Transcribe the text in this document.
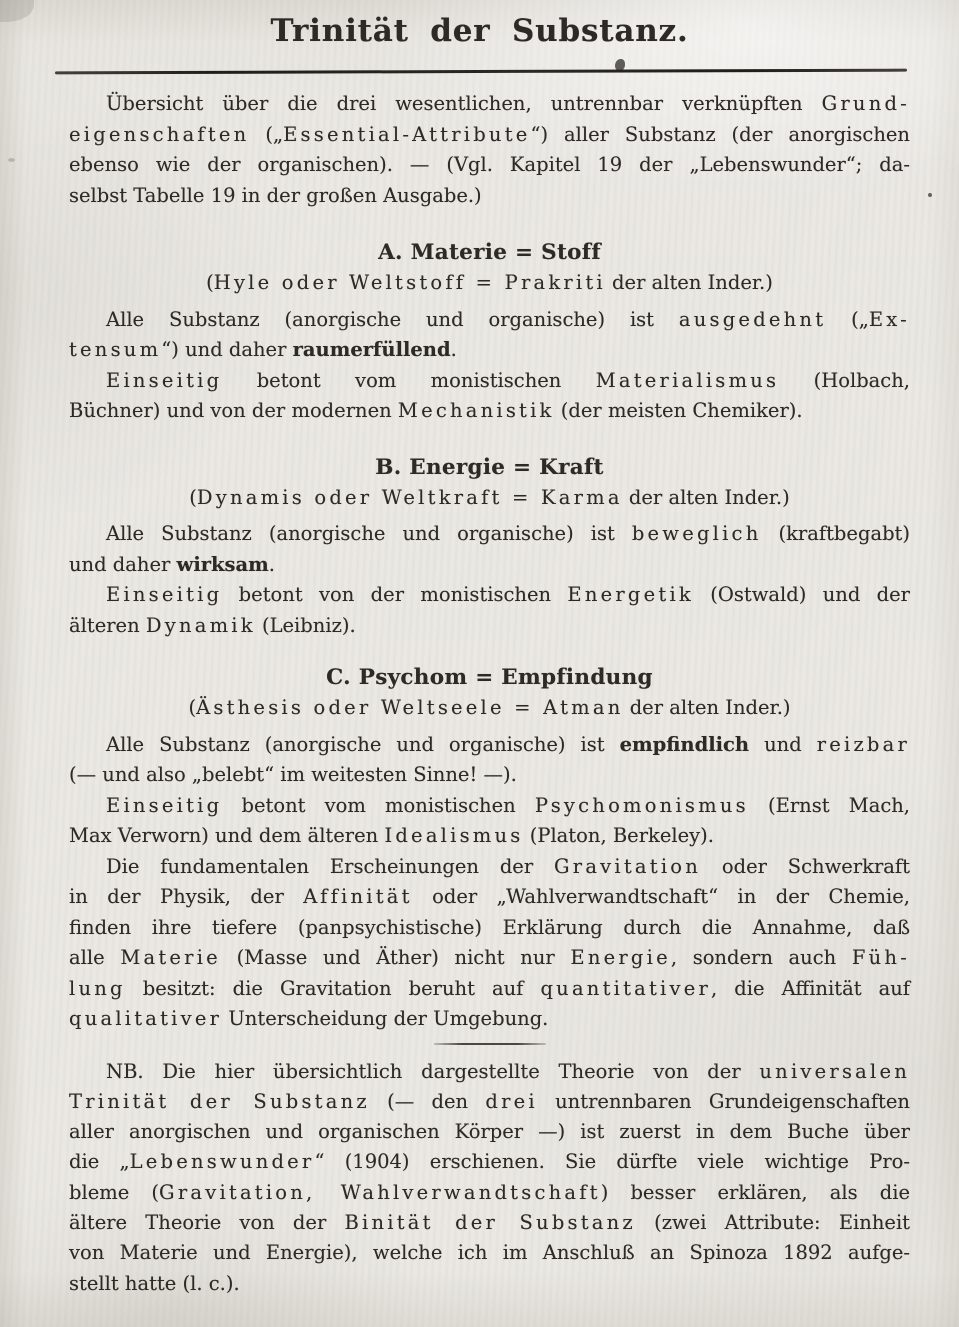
Trinität der Substanz.
Übersicht über die drei wesentlichen, untrennbar verknüpften Grund-
eigenschaften („Essential-Attribute“) aller Substanz (der anorgischen
ebenso wie der organischen). — (Vgl. Kapitel 19 der „Lebenswunder“; da-
selbst Tabelle 19 in der großen Ausgabe.)
A. Materie = Stoff
(Hyle oder Weltstoff = Prakriti der alten Inder.)
Alle Substanz (anorgische und organische) ist ausgedehnt („Ex-
tensum“) und daher raumerfüllend.
Einseitig betont vom monistischen Materialismus (Holbach,
Büchner) und von der modernen Mechanistik (der meisten Chemiker).
B. Energie = Kraft
(Dynamis oder Weltkraft = Karma der alten Inder.)
Alle Substanz (anorgische und organische) ist beweglich (kraftbegabt)
und daher wirksam.
Einseitig betont von der monistischen Energetik (Ostwald) und der
älteren Dynamik (Leibniz).
C. Psychom = Empfindung
(Ästhesis oder Weltseele = Atman der alten Inder.)
Alle Substanz (anorgische und organische) ist empfindlich und reizbar
(— und also „belebt“ im weitesten Sinne! —).
Einseitig betont vom monistischen Psychomonismus (Ernst Mach,
Max Verworn) und dem älteren Idealismus (Platon, Berkeley).
Die fundamentalen Erscheinungen der Gravitation oder Schwerkraft
in der Physik, der Affinität oder „Wahlverwandtschaft“ in der Chemie,
finden ihre tiefere (panpsychistische) Erklärung durch die Annahme, daß
alle Materie (Masse und Äther) nicht nur Energie, sondern auch Füh-
lung besitzt: die Gravitation beruht auf quantitativer, die Affinität auf
qualitativer Unterscheidung der Umgebung.
NB. Die hier übersichtlich dargestellte Theorie von der universalen
Trinität der Substanz (— den drei untrennbaren Grundeigenschaften
aller anorgischen und organischen Körper —) ist zuerst in dem Buche über
die „Lebenswunder“ (1904) erschienen. Sie dürfte viele wichtige Pro-
bleme (Gravitation, Wahlverwandtschaft) besser erklären, als die
ältere Theorie von der Binität der Substanz (zwei Attribute: Einheit
von Materie und Energie), welche ich im Anschluß an Spinoza 1892 aufge-
stellt hatte (l. c.).
